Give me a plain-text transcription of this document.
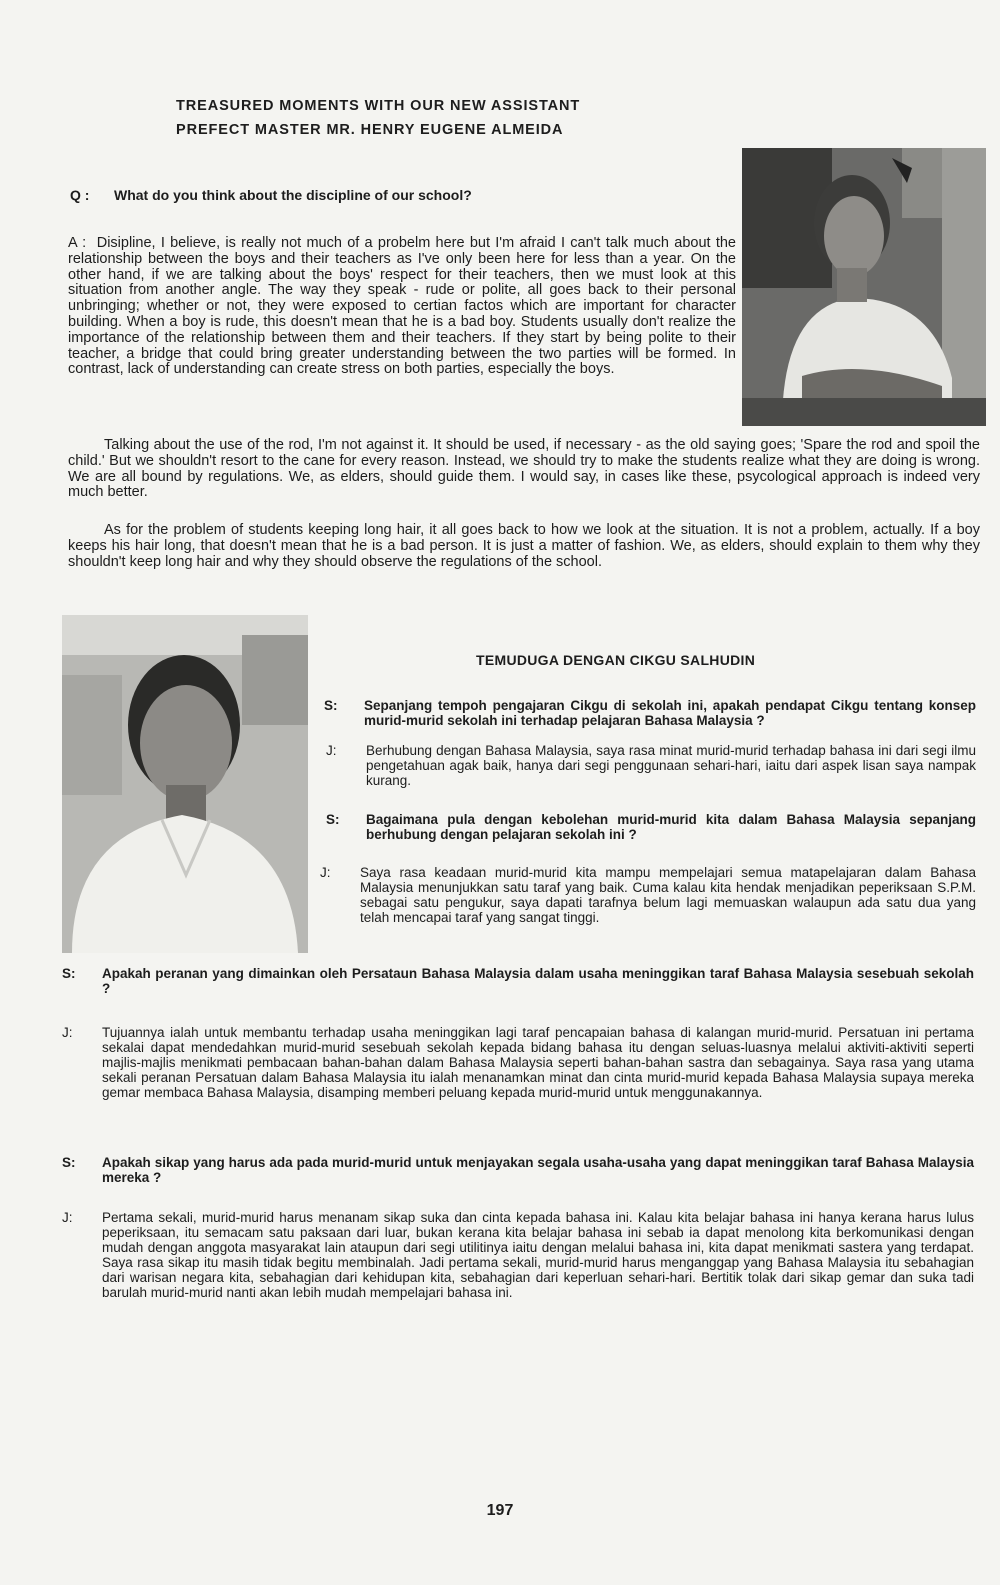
TREASURED MOMENTS WITH OUR NEW ASSISTANT
PREFECT MASTER MR. HENRY EUGENE ALMEIDA
Q : What do you think about the discipline of our school?
A : Disipline, I believe, is really not much of a probelm here but I'm afraid I can't talk much about the relationship between the boys and their teachers as I've only been here for less than a year. On the other hand, if we are talking about the boys' respect for their teachers, then we must look at this situation from another angle. The way they speak - rude or polite, all goes back to their personal unbringing; whether or not, they were exposed to certian factos which are important for character building. When a boy is rude, this doesn't mean that he is a bad boy. Students usually don't realize the importance of the relationship between them and their teachers. If they start by being polite to their teacher, a bridge that could bring greater understanding between the two parties will be formed. In contrast, lack of understanding can create stress on both parties, especially the boys.
Talking about the use of the rod, I'm not against it. It should be used, if necessary - as the old saying goes; 'Spare the rod and spoil the child.' But we shouldn't resort to the cane for every reason. Instead, we should try to make the students realize what they are doing is wrong. We are all bound by regulations. We, as elders, should guide them. I would say, in cases like these, psycological approach is indeed very much better.
As for the problem of students keeping long hair, it all goes back to how we look at the situation. It is not a problem, actually. If a boy keeps his hair long, that doesn't mean that he is a bad person. It is just a matter of fashion. We, as elders, should explain to them why they shouldn't keep long hair and why they should observe the regulations of the school.
TEMUDUGA DENGAN CIKGU SALHUDIN
S: Sepanjang tempoh pengajaran Cikgu di sekolah ini, apakah pendapat Cikgu tentang konsep murid-murid sekolah ini terhadap pelajaran Bahasa Malaysia ?
J: Berhubung dengan Bahasa Malaysia, saya rasa minat murid-murid terhadap bahasa ini dari segi ilmu pengetahuan agak baik, hanya dari segi penggunaan sehari-hari, iaitu dari aspek lisan saya nampak kurang.
S: Bagaimana pula dengan kebolehan murid-murid kita dalam Bahasa Malaysia sepanjang berhubung dengan pelajaran sekolah ini ?
J: Saya rasa keadaan murid-murid kita mampu mempelajari semua matapelajaran dalam Bahasa Malaysia menunjukkan satu taraf yang baik. Cuma kalau kita hendak menjadikan peperiksaan S.P.M. sebagai satu pengukur, saya dapati tarafnya belum lagi memuaskan walaupun ada satu dua yang telah mencapai taraf yang sangat tinggi.
S: Apakah peranan yang dimainkan oleh Persataun Bahasa Malaysia dalam usaha meninggikan taraf Bahasa Malaysia sesebuah sekolah ?
J: Tujuannya ialah untuk membantu terhadap usaha meninggikan lagi taraf pencapaian bahasa di kalangan murid-murid. Persatuan ini pertama sekalai dapat mendedahkan murid-murid sesebuah sekolah kepada bidang bahasa itu dengan seluas-luasnya melalui aktiviti-aktiviti seperti majlis-majlis menikmati pembacaan bahan-bahan dalam Bahasa Malaysia seperti bahan-bahan sastra dan sebagainya. Saya rasa yang utama sekali peranan Persatuan dalam Bahasa Malaysia itu ialah menanamkan minat dan cinta murid-murid kepada Bahasa Malaysia supaya mereka gemar membaca Bahasa Malaysia, disamping memberi peluang kepada murid-murid untuk menggunakannya.
S: Apakah sikap yang harus ada pada murid-murid untuk menjayakan segala usaha-usaha yang dapat meninggikan taraf Bahasa Malaysia mereka ?
J: Pertama sekali, murid-murid harus menanam sikap suka dan cinta kepada bahasa ini. Kalau kita belajar bahasa ini hanya kerana harus lulus peperiksaan, itu semacam satu paksaan dari luar, bukan kerana kita belajar bahasa ini sebab ia dapat menolong kita berkomunikasi dengan mudah dengan anggota masyarakat lain ataupun dari segi utilitinya iaitu dengan melalui bahasa ini, kita dapat menikmati sastera yang terdapat. Saya rasa sikap itu masih tidak begitu membinalah. Jadi pertama sekali, murid-murid harus menganggap yang Bahasa Malaysia itu sebahagian dari warisan negara kita, sebahagian dari kehidupan kita, sebahagian dari keperluan sehari-hari. Bertitik tolak dari sikap gemar dan suka tadi barulah murid-murid nanti akan lebih mudah mempelajari bahasa ini.
197
